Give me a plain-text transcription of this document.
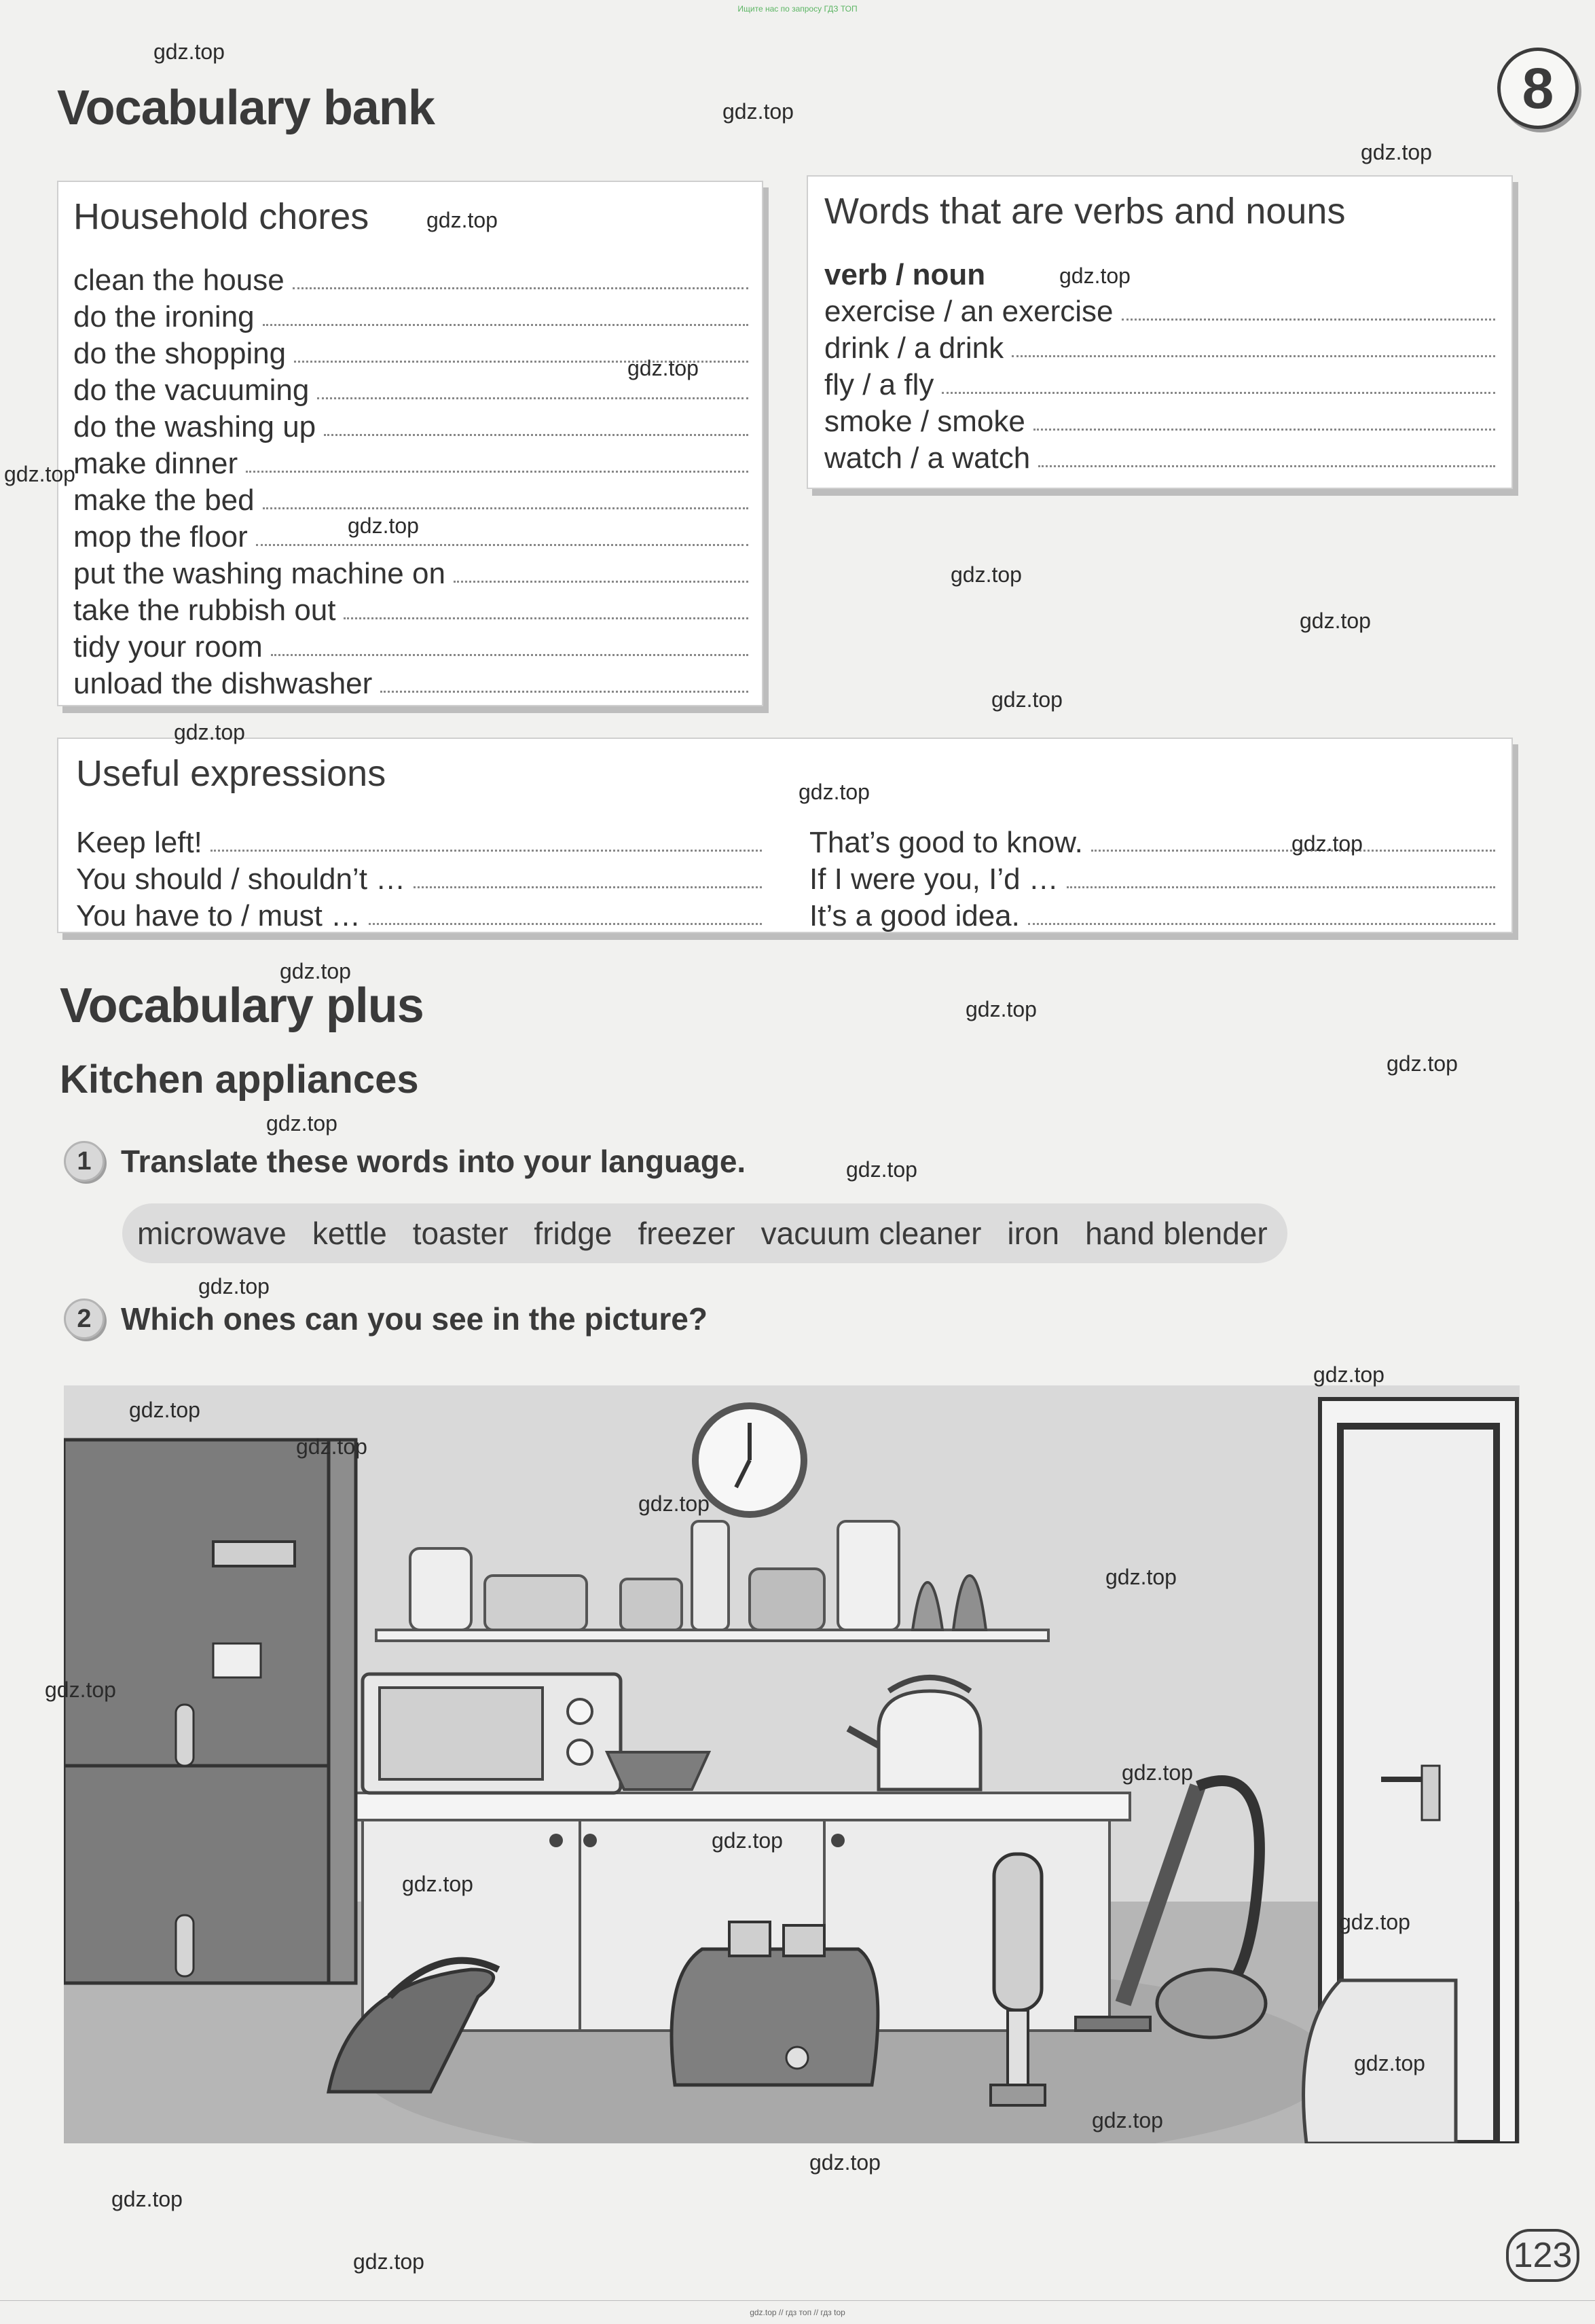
Ищите нас по запросу ГДЗ ТОП
Vocabulary bank	8
Household chores
clean the house
do the ironing
do the shopping
do the vacuuming
do the washing up
make dinner
make the bed
mop the floor
put the washing machine on
take the rubbish out
tidy your room
unload the dishwasher
Words that are verbs and nouns
verb / noun
exercise / an exercise
drink / a drink
fly / a fly
smoke / smoke
watch / a watch
Useful expressions
Keep left!
You should / shouldn’t …
You have to / must …
That’s good to know.
If I were you, I’d …
It’s a good idea.
Vocabulary plus
Kitchen appliances
1 Translate these words into your language.
microwave kettle toaster fridge freezer vacuum cleaner iron hand blender
2 Which ones can you see in the picture?
gdz.top
gdz.top
gdz.top
gdz.top
gdz.top
gdz.top
gdz.top
gdz.top
gdz.top
gdz.top
gdz.top
gdz.top
gdz.top
gdz.top
gdz.top
gdz.top
gdz.top
gdz.top
gdz.top
gdz.top
gdz.top
gdz.top
gdz.top
gdz.top
gdz.top
gdz.top
gdz.top
gdz.top
gdz.top
gdz.top
gdz.top
gdz.top
gdz.top
gdz.top
gdz.top	123
gdz.top // гдз топ // гдз top
